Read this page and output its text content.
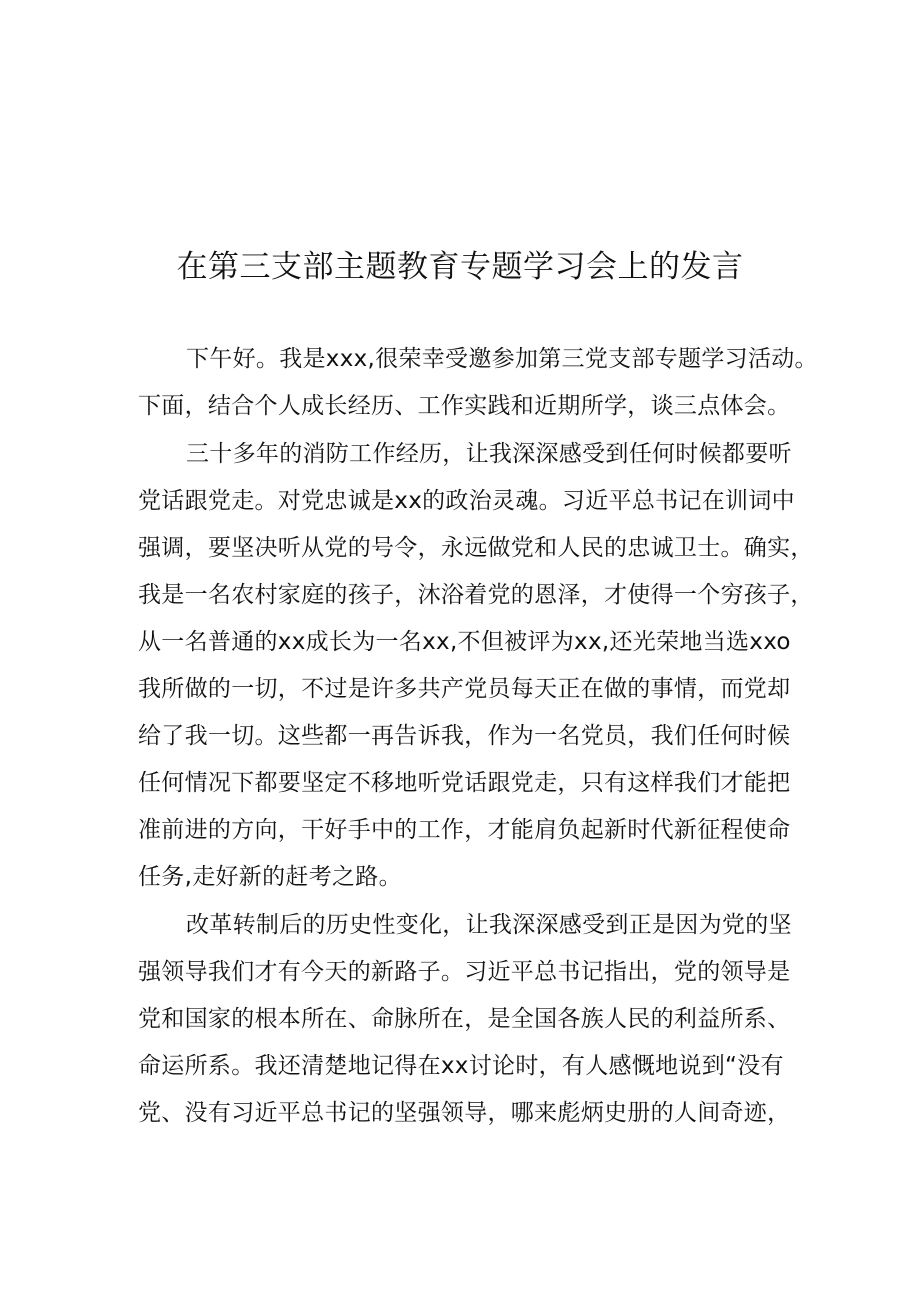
在第三支部主题教育专题学习会上的发言

下午好。我是xxx,很荣幸受邀参加第三党支部专题学习活动。

下面，结合个人成长经历、工作实践和近期所学，谈三点体会。

三十多年的消防工作经历，让我深深感受到任何时候都要听

党话跟党走。对党忠诚是xx的政治灵魂。习近平总书记在训词中

强调，要坚决听从党的号令，永远做党和人民的忠诚卫士。确实，

我是一名农村家庭的孩子，沐浴着党的恩泽，才使得一个穷孩子，

从一名普通的xx成长为一名xx,不但被评为xx,还光荣地当选xxo

我所做的一切，不过是许多共产党员每天正在做的事情，而党却

给了我一切。这些都一再告诉我，作为一名党员，我们任何时候

任何情况下都要坚定不移地听党话跟党走，只有这样我们才能把

准前进的方向，干好手中的工作，才能肩负起新时代新征程使命

任务,走好新的赶考之路。

改革转制后的历史性变化，让我深深感受到正是因为党的坚

强领导我们才有今天的新路子。习近平总书记指出，党的领导是

党和国家的根本所在、命脉所在，是全国各族人民的利益所系、

命运所系。我还清楚地记得在xx讨论时，有人感慨地说到“没有

党、没有习近平总书记的坚强领导，哪来彪炳史册的人间奇迹，
